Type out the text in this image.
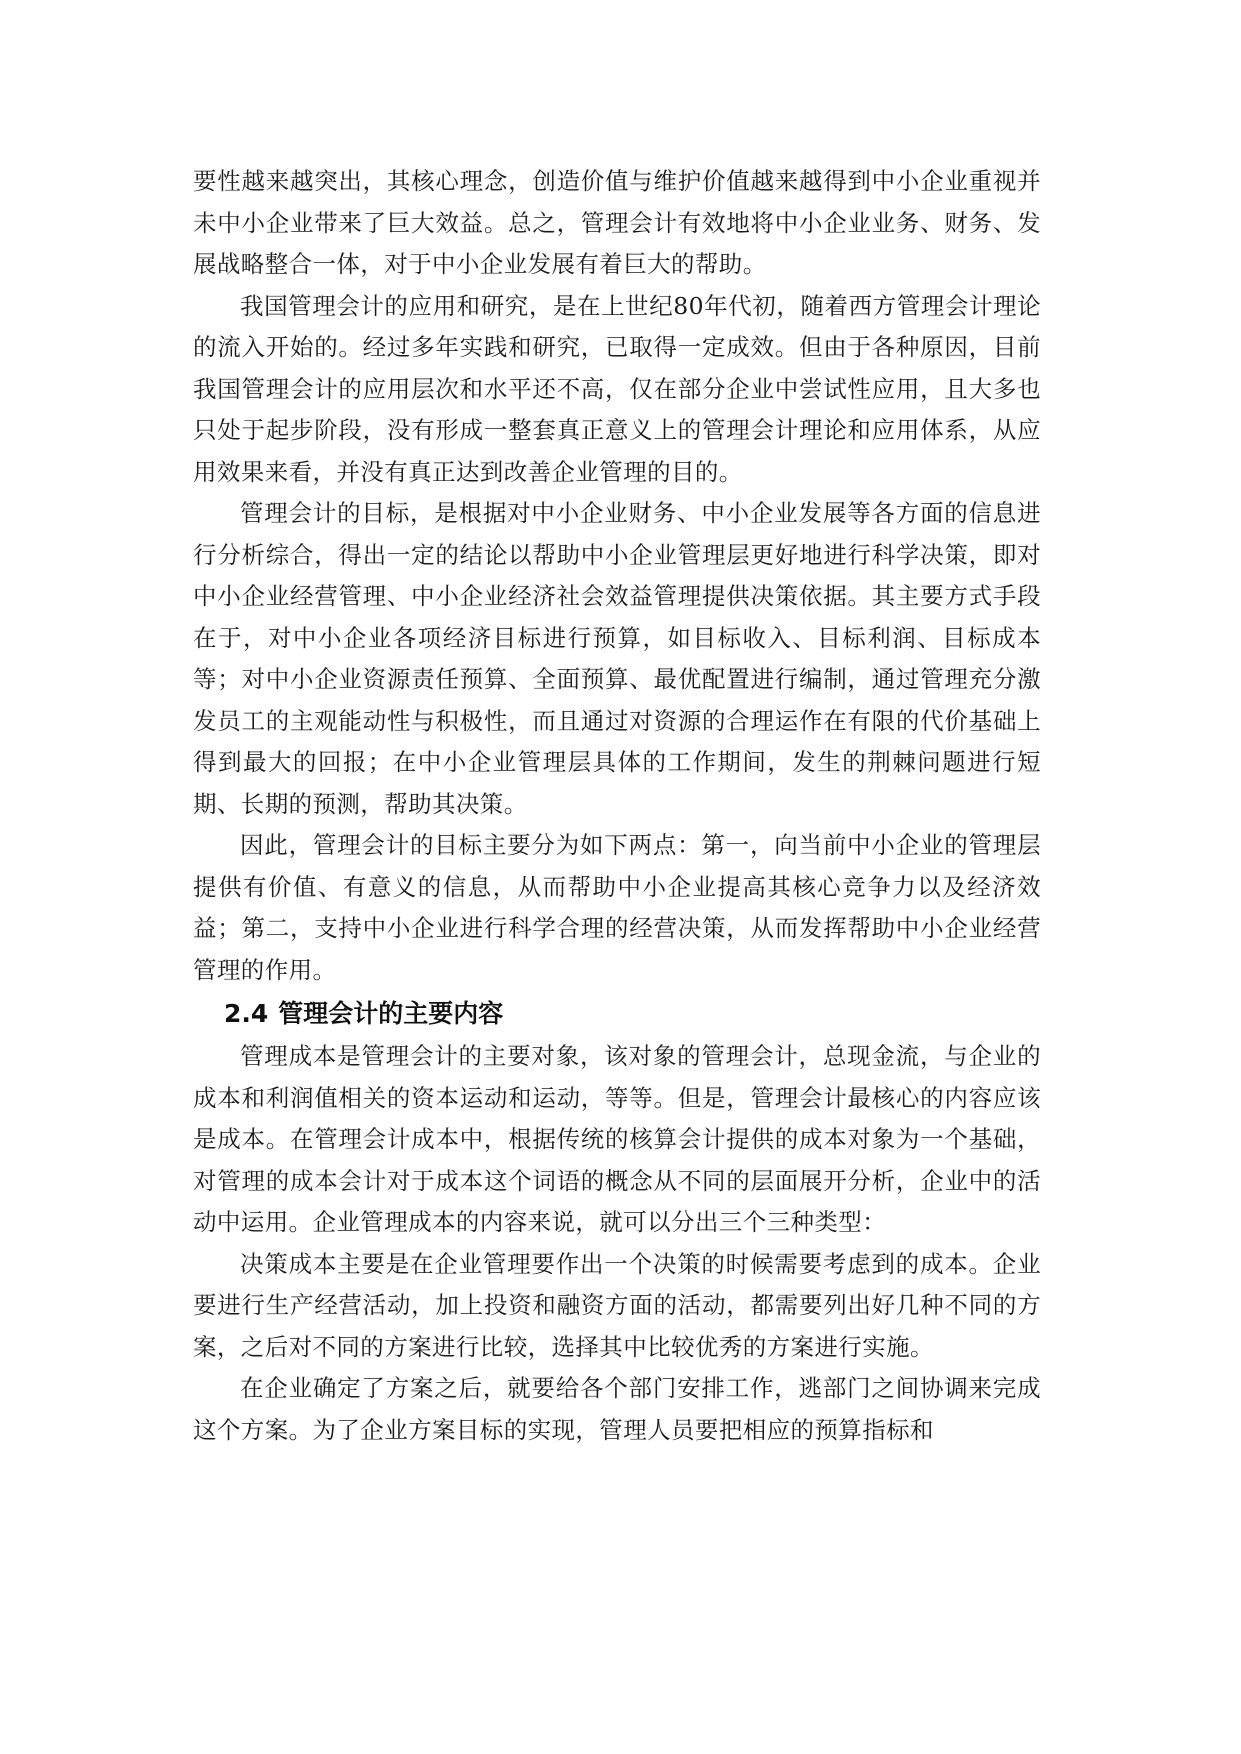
要性越来越突出，其核心理念，创造价值与维护价值越来越得到中小企业重视并未中小企业带来了巨大效益。总之，管理会计有效地将中小企业业务、财务、发展战略整合一体，对于中小企业发展有着巨大的帮助。

我国管理会计的应用和研究，是在上世纪80年代初，随着西方管理会计理论的流入开始的。经过多年实践和研究，已取得一定成效。但由于各种原因，目前我国管理会计的应用层次和水平还不高，仅在部分企业中尝试性应用，且大多也只处于起步阶段，没有形成一整套真正意义上的管理会计理论和应用体系，从应用效果来看，并没有真正达到改善企业管理的目的。

管理会计的目标，是根据对中小企业财务、中小企业发展等各方面的信息进行分析综合，得出一定的结论以帮助中小企业管理层更好地进行科学决策，即对中小企业经营管理、中小企业经济社会效益管理提供决策依据。其主要方式手段在于，对中小企业各项经济目标进行预算，如目标收入、目标利润、目标成本等；对中小企业资源责任预算、全面预算、最优配置进行编制，通过管理充分激发员工的主观能动性与积极性，而且通过对资源的合理运作在有限的代价基础上得到最大的回报；在中小企业管理层具体的工作期间，发生的荆棘问题进行短期、长期的预测，帮助其决策。

因此，管理会计的目标主要分为如下两点：第一，向当前中小企业的管理层提供有价值、有意义的信息，从而帮助中小企业提高其核心竞争力以及经济效益；第二，支持中小企业进行科学合理的经营决策，从而发挥帮助中小企业经营管理的作用。

2.4 管理会计的主要内容

管理成本是管理会计的主要对象，该对象的管理会计，总现金流，与企业的成本和利润值相关的资本运动和运动，等等。但是，管理会计最核心的内容应该是成本。在管理会计成本中，根据传统的核算会计提供的成本对象为一个基础，对管理的成本会计对于成本这个词语的概念从不同的层面展开分析，企业中的活动中运用。企业管理成本的内容来说，就可以分出三个三种类型：

决策成本主要是在企业管理要作出一个决策的时候需要考虑到的成本。企业要进行生产经营活动，加上投资和融资方面的活动，都需要列出好几种不同的方案，之后对不同的方案进行比较，选择其中比较优秀的方案进行实施。

在企业确定了方案之后，就要给各个部门安排工作，逃部门之间协调来完成这个方案。为了企业方案目标的实现，管理人员要把相应的预算指标和
